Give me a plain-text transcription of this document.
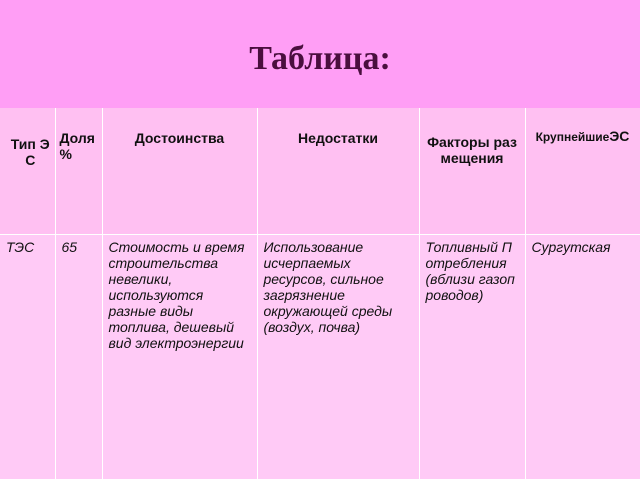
Таблица:
Тип ЭС	Доля %	Достоинства	Недостатки	Факторы размещения	КрупнейшиеЭС
ТЭС	65	Стоимость и время строительства невелики, используются разные виды топлива, дешевый вид электроэнергии	Использование исчерпаемых ресурсов, сильное загрязнение окружающей среды (воздух, почва)	Топливный Потребления (вблизи газопроводов)	Сургутская
